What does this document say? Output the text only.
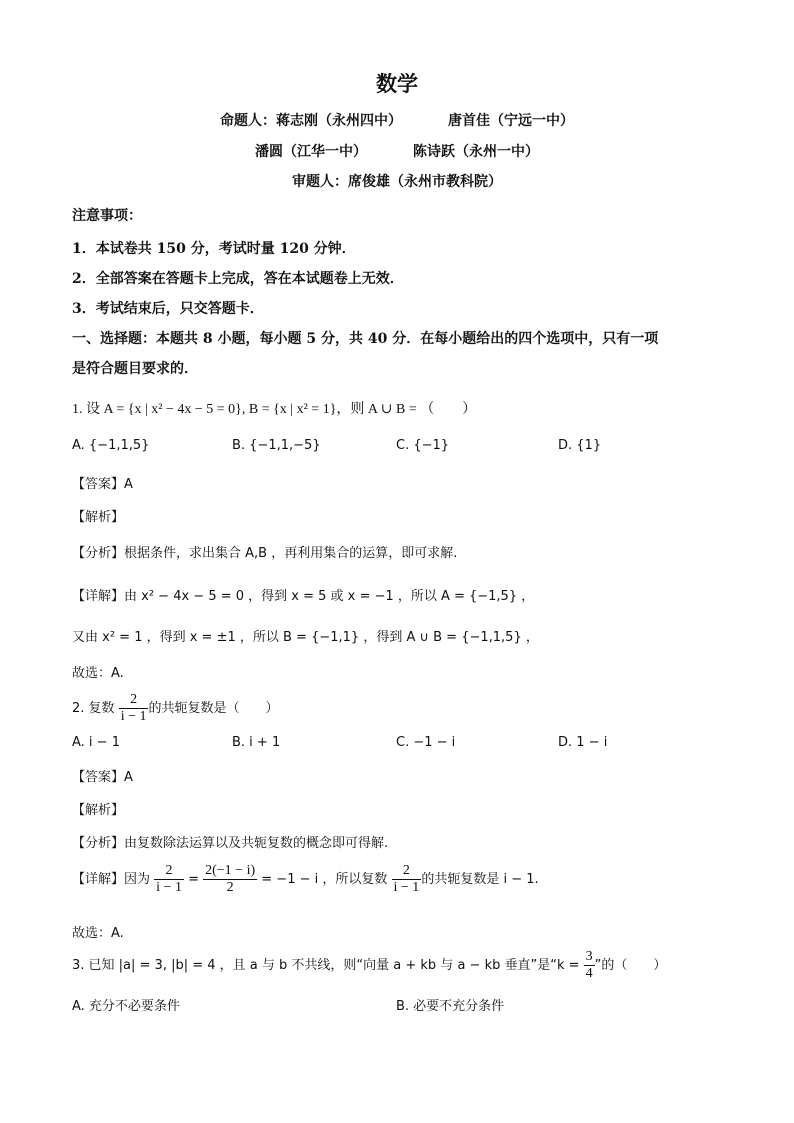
数学
命题人：蒋志刚（永州四中）	唐首佳（宁远一中）
潘圆（江华一中）	陈诗跃（永州一中）
审题人：席俊雄（永州市教科院）
注意事项：
1．本试卷共 150 分，考试时量 120 分钟．
2．全部答案在答题卡上完成，答在本试题卷上无效．
3．考试结束后，只交答题卡．
一、选择题：本题共 8 小题，每小题 5 分，共 40 分．在每小题给出的四个选项中，只有一项
是符合题目要求的．
1. 设 A = {x | x² − 4x − 5 = 0}, B = {x | x² = 1}，则 A ∪ B = （　　）
A. {−1,1,5}	B. {−1,1,−5}	C. {−1}	D. {1}
【答案】A
【解析】
【分析】根据条件，求出集合 A,B ，再利用集合的运算，即可求解.
【详解】由 x² − 4x − 5 = 0 ，得到 x = 5 或 x = −1 ，所以 A = {−1,5} ，
又由 x² = 1 ，得到 x = ±1 ，所以 B = {−1,1} ，得到 A ∪ B = {−1,1,5} ，
故选：A.
2. 复数 $\frac{2}{i - 1}$ 的共轭复数是（　　）
A. i − 1	B. i + 1	C. −1 − i	D. 1 − i
【答案】A
【解析】
【分析】由复数除法运算以及共轭复数的概念即可得解.
【详解】因为 $\frac{2}{i - 1} = \frac{2(-1 - i)}{2} = -1 - i$ ，所以复数 $\frac{2}{i - 1}$ 的共轭复数是 i − 1.
故选：A.
3. 已知 |a| = 3, |b| = 4 ，且 a 与 b 不共线，则“向量 a + kb 与 a − kb 垂直”是“$k = \frac{3}{4}$ ”的（　　）
A. 充分不必要条件	B. 必要不充分条件
